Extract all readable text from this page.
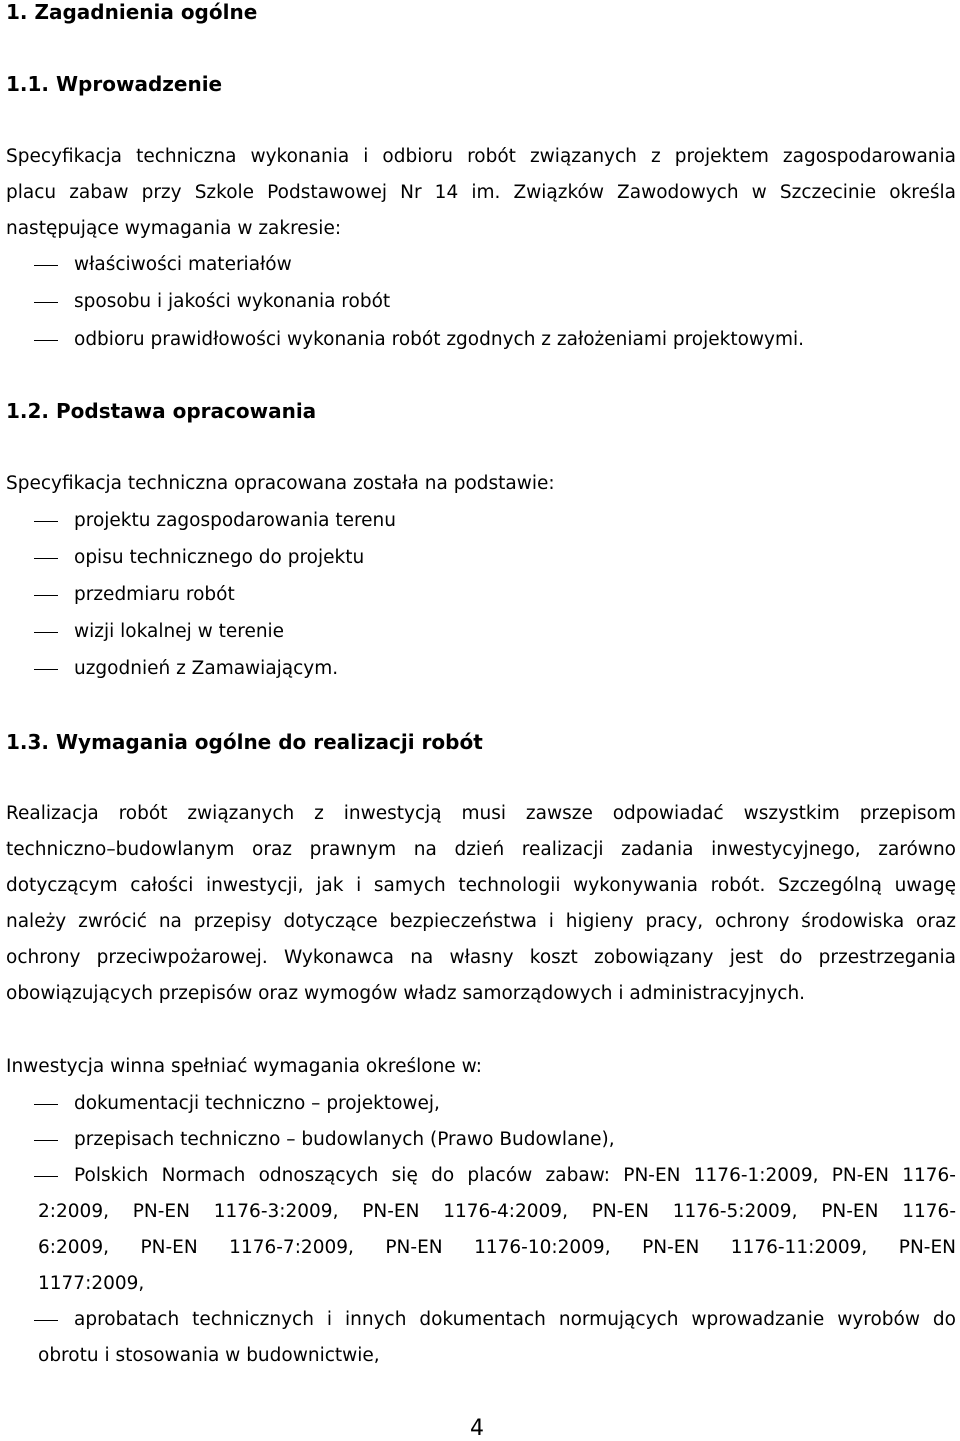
1. Zagadnienia ogólne
1.1. Wprowadzenie
Specyfikacja techniczna wykonania i odbioru robót związanych z projektem zagospodarowania
placu zabaw przy Szkole Podstawowej Nr 14 im. Związków Zawodowych w Szczecinie określa
następujące wymagania w zakresie:
właściwości materiałów
sposobu i jakości wykonania robót
odbioru prawidłowości wykonania robót zgodnych z założeniami projektowymi.
1.2. Podstawa opracowania
Specyfikacja techniczna opracowana została na podstawie:
projektu zagospodarowania terenu
opisu technicznego do projektu
przedmiaru robót
wizji lokalnej w terenie
uzgodnień z Zamawiającym.
1.3. Wymagania ogólne do realizacji robót
Realizacja robót związanych z inwestycją musi zawsze odpowiadać wszystkim przepisom
techniczno–budowlanym oraz prawnym na dzień realizacji zadania inwestycyjnego, zarówno
dotyczącym całości inwestycji, jak i samych technologii wykonywania robót. Szczególną uwagę
należy zwrócić na przepisy dotyczące bezpieczeństwa i higieny pracy, ochrony środowiska oraz
ochrony przeciwpożarowej. Wykonawca na własny koszt zobowiązany jest do przestrzegania
obowiązujących przepisów oraz wymogów władz samorządowych i administracyjnych.
Inwestycja winna spełniać wymagania określone w:
dokumentacji techniczno – projektowej,
przepisach techniczno – budowlanych (Prawo Budowlane),
Polskich Normach odnoszących się do placów zabaw: PN-EN 1176-1:2009, PN-EN 1176-
2:2009, PN-EN 1176-3:2009, PN-EN 1176-4:2009, PN-EN 1176-5:2009, PN-EN 1176-
6:2009, PN-EN 1176-7:2009, PN-EN 1176-10:2009, PN-EN 1176-11:2009, PN-EN
1177:2009,
aprobatach technicznych i innych dokumentach normujących wprowadzanie wyrobów do
obrotu i stosowania w budownictwie,
4
